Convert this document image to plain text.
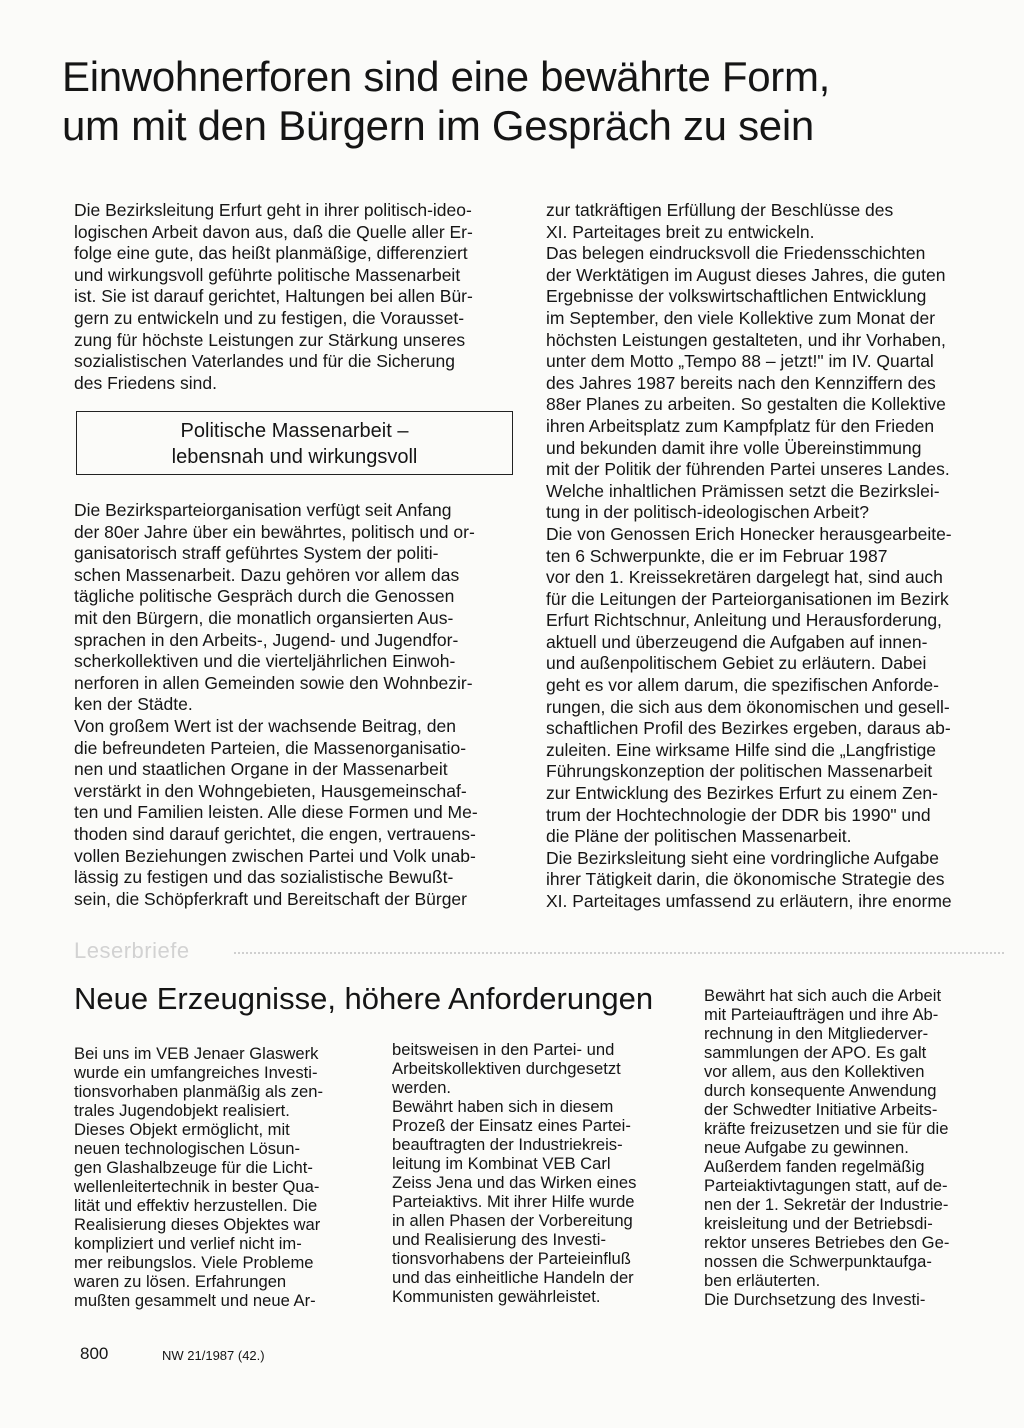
Einwohnerforen sind eine bewährte Form,
um mit den Bürgern im Gespräch zu sein
Die Bezirksleitung Erfurt geht in ihrer politisch-ideo-
logischen Arbeit davon aus, daß die Quelle aller Er-
folge eine gute, das heißt planmäßige, differenziert
und wirkungsvoll geführte politische Massenarbeit
ist. Sie ist darauf gerichtet, Haltungen bei allen Bür-
gern zu entwickeln und zu festigen, die Vorausset-
zung für höchste Leistungen zur Stärkung unseres
sozialistischen Vaterlandes und für die Sicherung
des Friedens sind.
Politische Massenarbeit –
lebensnah und wirkungsvoll
Die Bezirksparteiorganisation verfügt seit Anfang
der 80er Jahre über ein bewährtes, politisch und or-
ganisatorisch straff geführtes System der politi-
schen Massenarbeit. Dazu gehören vor allem das
tägliche politische Gespräch durch die Genossen
mit den Bürgern, die monatlich organsierten Aus-
sprachen in den Arbeits-, Jugend- und Jugendfor-
scherkollektiven und die vierteljährlichen Einwoh-
nerforen in allen Gemeinden sowie den Wohnbezir-
ken der Städte.
Von großem Wert ist der wachsende Beitrag, den
die befreundeten Parteien, die Massenorganisatio-
nen und staatlichen Organe in der Massenarbeit
verstärkt in den Wohngebieten, Hausgemeinschaf-
ten und Familien leisten. Alle diese Formen und Me-
thoden sind darauf gerichtet, die engen, vertrauens-
vollen Beziehungen zwischen Partei und Volk unab-
lässig zu festigen und das sozialistische Bewußt-
sein, die Schöpferkraft und Bereitschaft der Bürger
zur tatkräftigen Erfüllung der Beschlüsse des
XI. Parteitages breit zu entwickeln.
Das belegen eindrucksvoll die Friedensschichten
der Werktätigen im August dieses Jahres, die guten
Ergebnisse der volkswirtschaftlichen Entwicklung
im September, den viele Kollektive zum Monat der
höchsten Leistungen gestalteten, und ihr Vorhaben,
unter dem Motto „Tempo 88 – jetzt!" im IV. Quartal
des Jahres 1987 bereits nach den Kennziffern des
88er Planes zu arbeiten. So gestalten die Kollektive
ihren Arbeitsplatz zum Kampfplatz für den Frieden
und bekunden damit ihre volle Übereinstimmung
mit der Politik der führenden Partei unseres Landes.
Welche inhaltlichen Prämissen setzt die Bezirkslei-
tung in der politisch-ideologischen Arbeit?
Die von Genossen Erich Honecker herausgearbeite-
ten 6 Schwerpunkte, die er im Februar 1987
vor den 1. Kreissekretären dargelegt hat, sind auch
für die Leitungen der Parteiorganisationen im Bezirk
Erfurt Richtschnur, Anleitung und Herausforderung,
aktuell und überzeugend die Aufgaben auf innen-
und außenpolitischem Gebiet zu erläutern. Dabei
geht es vor allem darum, die spezifischen Anforde-
rungen, die sich aus dem ökonomischen und gesell-
schaftlichen Profil des Bezirkes ergeben, daraus ab-
zuleiten. Eine wirksame Hilfe sind die „Langfristige
Führungskonzeption der politischen Massenarbeit
zur Entwicklung des Bezirkes Erfurt zu einem Zen-
trum der Hochtechnologie der DDR bis 1990" und
die Pläne der politischen Massenarbeit.
Die Bezirksleitung sieht eine vordringliche Aufgabe
ihrer Tätigkeit darin, die ökonomische Strategie des
XI. Parteitages umfassend zu erläutern, ihre enorme
Leserbriefe
Neue Erzeugnisse, höhere Anforderungen
Bei uns im VEB Jenaer Glaswerk
wurde ein umfangreiches Investi-
tionsvorhaben planmäßig als zen-
trales Jugendobjekt realisiert.
Dieses Objekt ermöglicht, mit
neuen technologischen Lösun-
gen Glashalbzeuge für die Licht-
wellenleitertechnik in bester Qua-
lität und effektiv herzustellen. Die
Realisierung dieses Objektes war
kompliziert und verlief nicht im-
mer reibungslos. Viele Probleme
waren zu lösen. Erfahrungen
mußten gesammelt und neue Ar-
beitsweisen in den Partei- und
Arbeitskollektiven durchgesetzt
werden.
Bewährt haben sich in diesem
Prozeß der Einsatz eines Partei-
beauftragten der Industriekreis-
leitung im Kombinat VEB Carl
Zeiss Jena und das Wirken eines
Parteiaktivs. Mit ihrer Hilfe wurde
in allen Phasen der Vorbereitung
und Realisierung des Investi-
tionsvorhabens der Parteieinfluß
und das einheitliche Handeln der
Kommunisten gewährleistet.
Bewährt hat sich auch die Arbeit
mit Parteiaufträgen und ihre Ab-
rechnung in den Mitgliederver-
sammlungen der APO. Es galt
vor allem, aus den Kollektiven
durch konsequente Anwendung
der Schwedter Initiative Arbeits-
kräfte freizusetzen und sie für die
neue Aufgabe zu gewinnen.
Außerdem fanden regelmäßig
Parteiaktivtagungen statt, auf de-
nen der 1. Sekretär der Industrie-
kreisleitung und der Betriebsdi-
rektor unseres Betriebes den Ge-
nossen die Schwerpunktaufga-
ben erläuterten.
Die Durchsetzung des Investi-
800	NW 21/1987 (42.)
